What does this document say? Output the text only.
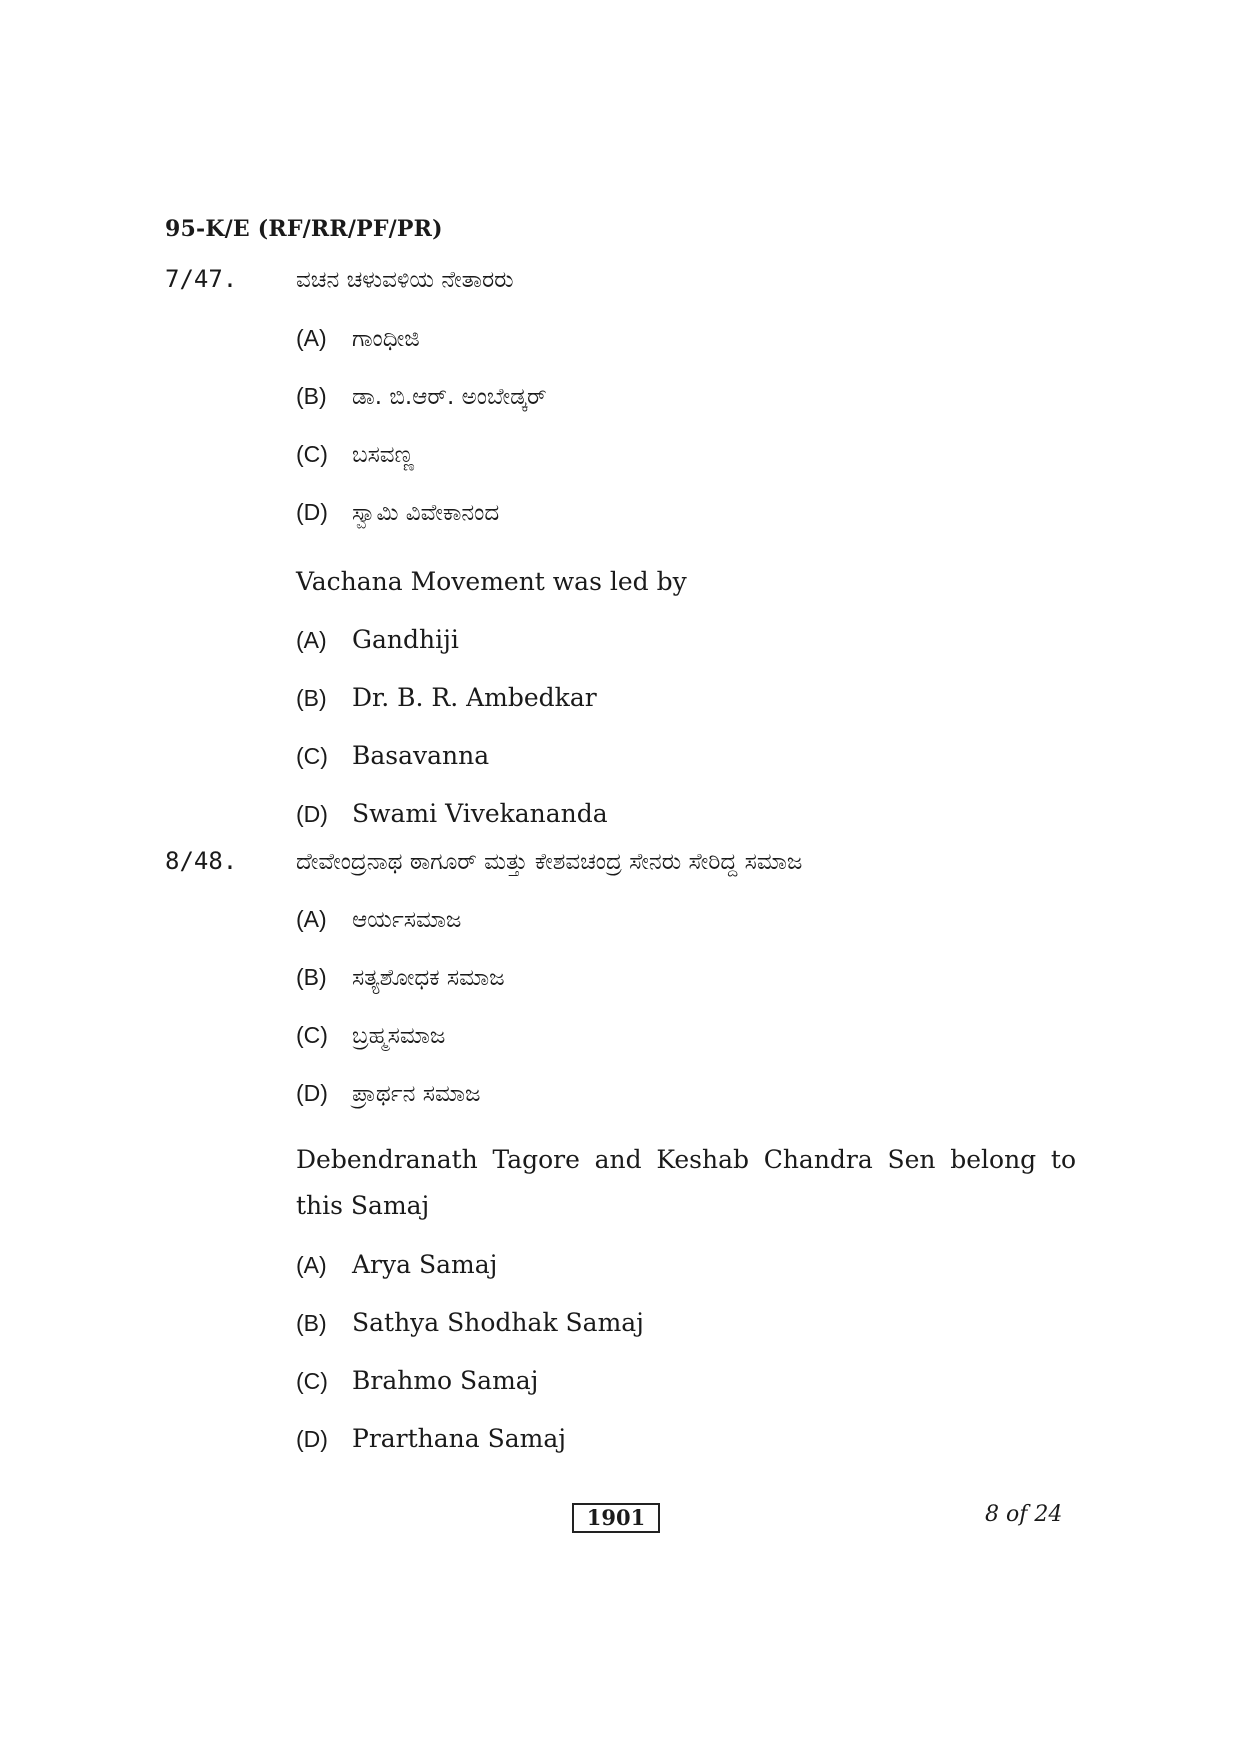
95-K/E (RF/RR/PF/PR)
7/47.	ವಚನ ಚಳುವಳಿಯ ನೇತಾರರು
(A) ಗಾಂಧೀಜಿ
(B) ಡಾ. ಬಿ.ಆರ್. ಅಂಬೇಡ್ಕರ್
(C) ಬಸವಣ್ಣ
(D) ಸ್ವಾಮಿ ವಿವೇಕಾನಂದ
Vachana Movement was led by
(A) Gandhiji
(B) Dr. B. R. Ambedkar
(C) Basavanna
(D) Swami Vivekananda
8/48.	ದೇವೇಂದ್ರನಾಥ ಠಾಗೂರ್ ಮತ್ತು ಕೇಶವಚಂದ್ರ ಸೇನರು ಸೇರಿದ್ದ ಸಮಾಜ
(A) ಆರ್ಯಸಮಾಜ
(B) ಸತ್ಯಶೋಧಕ ಸಮಾಜ
(C) ಬ್ರಹ್ಮಸಮಾಜ
(D) ಪ್ರಾರ್ಥನ ಸಮಾಜ
Debendranath Tagore and Keshab Chandra Sen belong to this Samaj
(A) Arya Samaj
(B) Sathya Shodhak Samaj
(C) Brahmo Samaj
(D) Prarthana Samaj
1901	8 of 24
